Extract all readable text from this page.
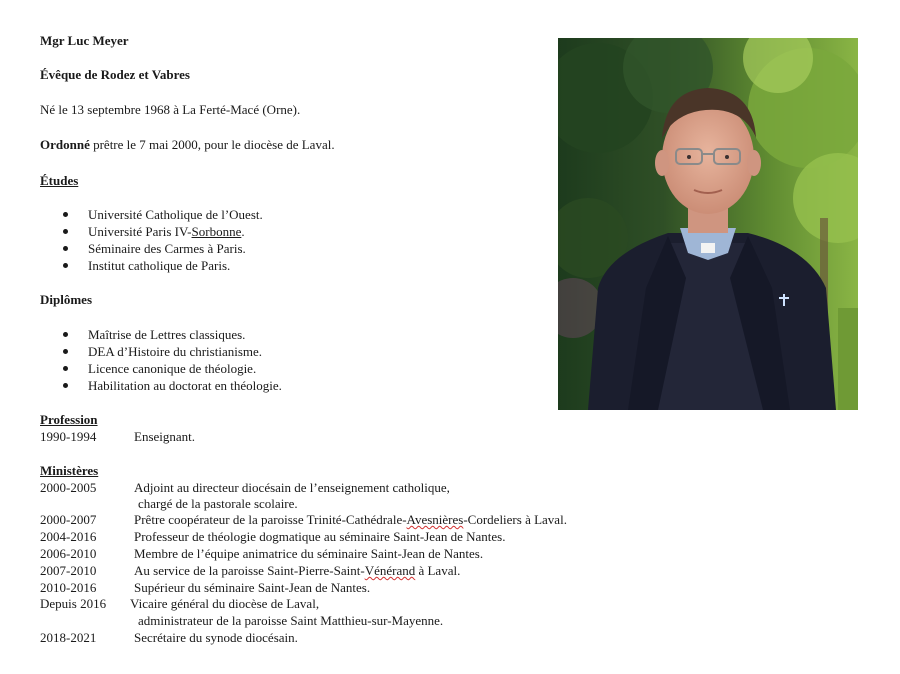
Mgr Luc Meyer
Évêque de Rodez et Vabres
Né le 13 septembre 1968 à La Ferté-Macé (Orne).
Ordonné prêtre le 7 mai 2000, pour le diocèse de Laval.
Études
Université Catholique de l’Ouest.
Université Paris IV-Sorbonne.
Séminaire des Carmes à Paris.
Institut catholique de Paris.
Diplômes
Maîtrise de Lettres classiques.
DEA d’Histoire du christianisme.
Licence canonique de théologie.
Habilitation au doctorat en théologie.
Profession
1990-1994	Enseignant.
Ministères
2000-2005	Adjoint au directeur diocésain de l’enseignement catholique,
chargé de la pastorale scolaire.
2000-2007	Prêtre coopérateur de la paroisse Trinité-Cathédrale-Avesnières-Cordeliers à Laval.
2004-2016	Professeur de théologie dogmatique au séminaire Saint-Jean de Nantes.
2006-2010	Membre de l’équipe animatrice du séminaire Saint-Jean de Nantes.
2007-2010	Au service de la paroisse Saint-Pierre-Saint-Vénérand à Laval.
2010-2016	Supérieur du séminaire Saint-Jean de Nantes.
Depuis 2016 Vicaire général du diocèse de Laval,
administrateur de la paroisse Saint Matthieu-sur-Mayenne.
2018-2021	Secrétaire du synode diocésain.
